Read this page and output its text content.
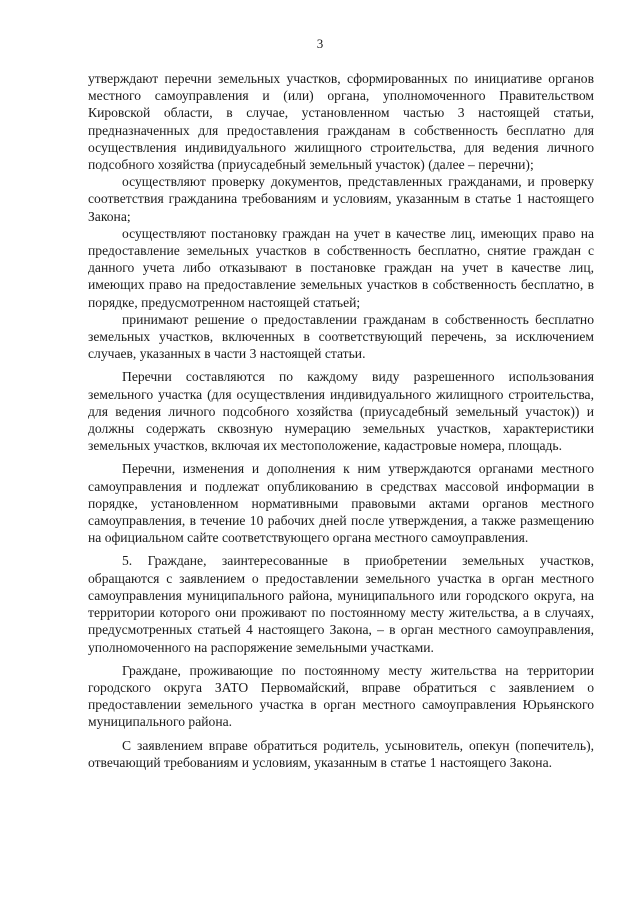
3

утверждают перечни земельных участков, сформированных по инициативе органов местного самоуправления и (или) органа, уполномоченного Правительством Кировской области, в случае, установленном частью 3 настоящей статьи, предназначенных для предоставления гражданам в собственность бесплатно для осуществления индивидуального жилищного строительства, для ведения личного подсобного хозяйства (приусадебный земельный участок) (далее – перечни);

осуществляют проверку документов, представленных гражданами, и проверку соответствия гражданина требованиям и условиям, указанным в статье 1 настоящего Закона;

осуществляют постановку граждан на учет в качестве лиц, имеющих право на предоставление земельных участков в собственность бесплатно, снятие граждан с данного учета либо отказывают в постановке граждан на учет в качестве лиц, имеющих право на предоставление земельных участков в собственность бесплатно, в порядке, предусмотренном настоящей статьей;

принимают решение о предоставлении гражданам в собственность бесплатно земельных участков, включенных в соответствующий перечень, за исключением случаев, указанных в части 3 настоящей статьи.

Перечни составляются по каждому виду разрешенного использования земельного участка (для осуществления индивидуального жилищного строительства, для ведения личного подсобного хозяйства (приусадебный земельный участок)) и должны содержать сквозную нумерацию земельных участков, характеристики земельных участков, включая их местоположение, кадастровые номера, площадь.

Перечни, изменения и дополнения к ним утверждаются органами местного самоуправления и подлежат опубликованию в средствах массовой информации в порядке, установленном нормативными правовыми актами органов местного самоуправления, в течение 10 рабочих дней после утверждения, а также размещению на официальном сайте соответствующего органа местного самоуправления.

5. Граждане, заинтересованные в приобретении земельных участков, обращаются с заявлением о предоставлении земельного участка в орган местного самоуправления муниципального района, муниципального или городского округа, на территории которого они проживают по постоянному месту жительства, а в случаях, предусмотренных статьей 4 настоящего Закона, – в орган местного самоуправления, уполномоченного на распоряжение земельными участками.

Граждане, проживающие по постоянному месту жительства на территории городского округа ЗАТО Первомайский, вправе обратиться с заявлением о предоставлении земельного участка в орган местного самоуправления Юрьянского муниципального района.

С заявлением вправе обратиться родитель, усыновитель, опекун (попечитель), отвечающий требованиям и условиям, указанным в статье 1 настоящего Закона.
